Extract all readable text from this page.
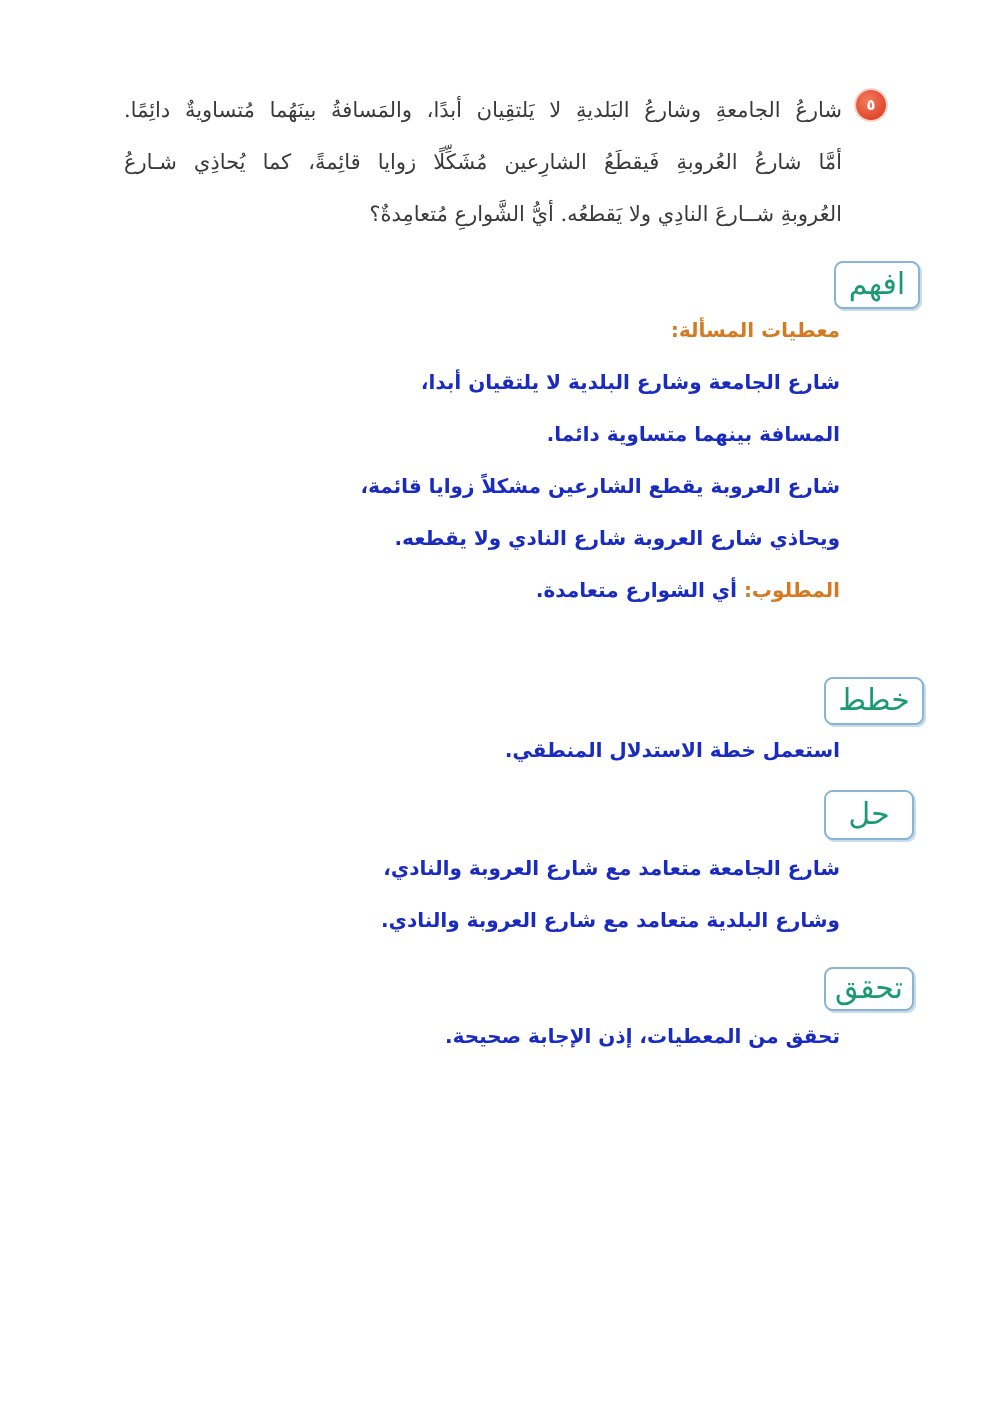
٥
شارعُ الجامعةِ وشارعُ البَلديةِ لا يَلتقِيان أبدًا، والمَسافةُ بينَهُما مُتساويةٌ دائِمًا.
أمَّا شارعُ العُروبةِ فَيقطَعُ الشارِعين مُشَكِّلًا زوايا قائِمةً، كما يُحاذِي شـارعُ
العُروبةِ شــارعَ النادِي ولا يَقطعُه. أيُّ الشَّوارعِ مُتعامِدةٌ؟
افهم
معطيات المسألة:
شارع الجامعة وشارع البلدية لا يلتقيان أبدا،
المسافة بينهما متساوية دائما.
شارع العروبة يقطع الشارعين مشكلاً زوايا قائمة،
ويحاذي شارع العروبة شارع النادي ولا يقطعه.
المطلوب: أي الشوارع متعامدة.
خطط
استعمل خطة الاستدلال المنطقي.
حل
شارع الجامعة متعامد مع شارع العروبة والنادي،
وشارع البلدية متعامد مع شارع العروبة والنادي.
تحقق
تحقق من المعطيات، إذن الإجابة صحيحة.
